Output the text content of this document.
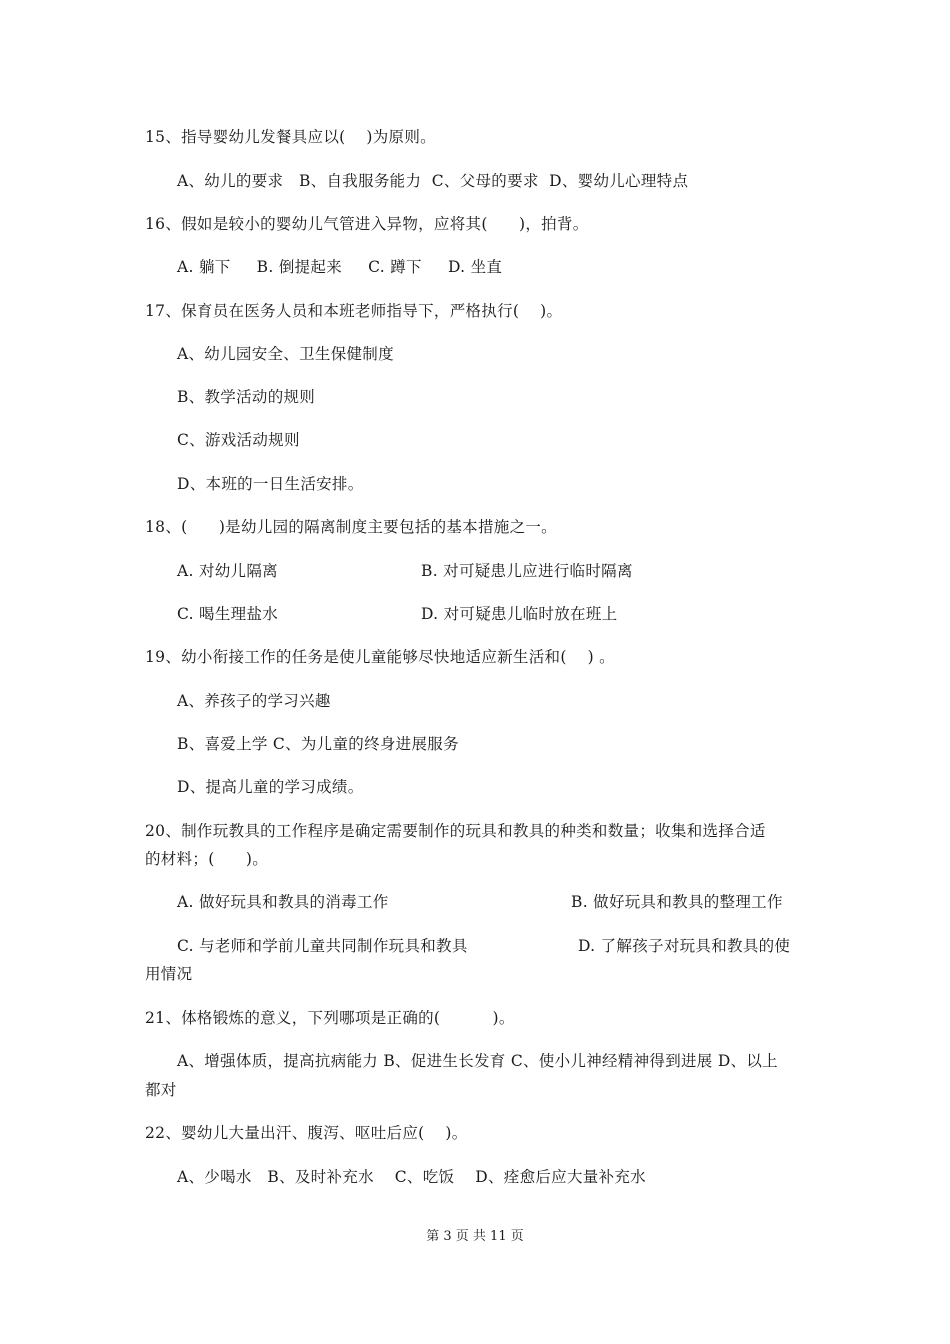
15、指导婴幼儿发餐具应以(    )为原则。

A、幼儿的要求   B、自我服务能力  C、父母的要求  D、婴幼儿心理特点

16、假如是较小的婴幼儿气管进入异物，应将其(      )，拍背。

A. 躺下     B. 倒提起来     C. 蹲下     D. 坐直

17、保育员在医务人员和本班老师指导下，严格执行(    )。

A、幼儿园安全、卫生保健制度

B、教学活动的规则

C、游戏活动规则

D、本班的一日生活安排。

18、(      )是幼儿园的隔离制度主要包括的基本措施之一。

A. 对幼儿隔离	B. 对可疑患儿应进行临时隔离

C. 喝生理盐水	D. 对可疑患儿临时放在班上

19、幼小衔接工作的任务是使儿童能够尽快地适应新生活和(    ) 。

A、养孩子的学习兴趣

B、喜爱上学 C、为儿童的终身进展服务

D、提高儿童的学习成绩。

20、制作玩教具的工作程序是确定需要制作的玩具和教具的种类和数量；收集和选择合适

的材料；(      )。

A. 做好玩具和教具的消毒工作	B. 做好玩具和教具的整理工作

C. 与老师和学前儿童共同制作玩具和教具	D. 了解孩子对玩具和教具的使

用情况

21、体格锻炼的意义，下列哪项是正确的(          )。

A、增强体质，提高抗病能力 B、促进生长发育 C、使小儿神经精神得到进展 D、以上

都对

22、婴幼儿大量出汗、腹泻、呕吐后应(    )。

A、少喝水   B、及时补充水    C、吃饭    D、痊愈后应大量补充水

第 3 页 共 11 页
